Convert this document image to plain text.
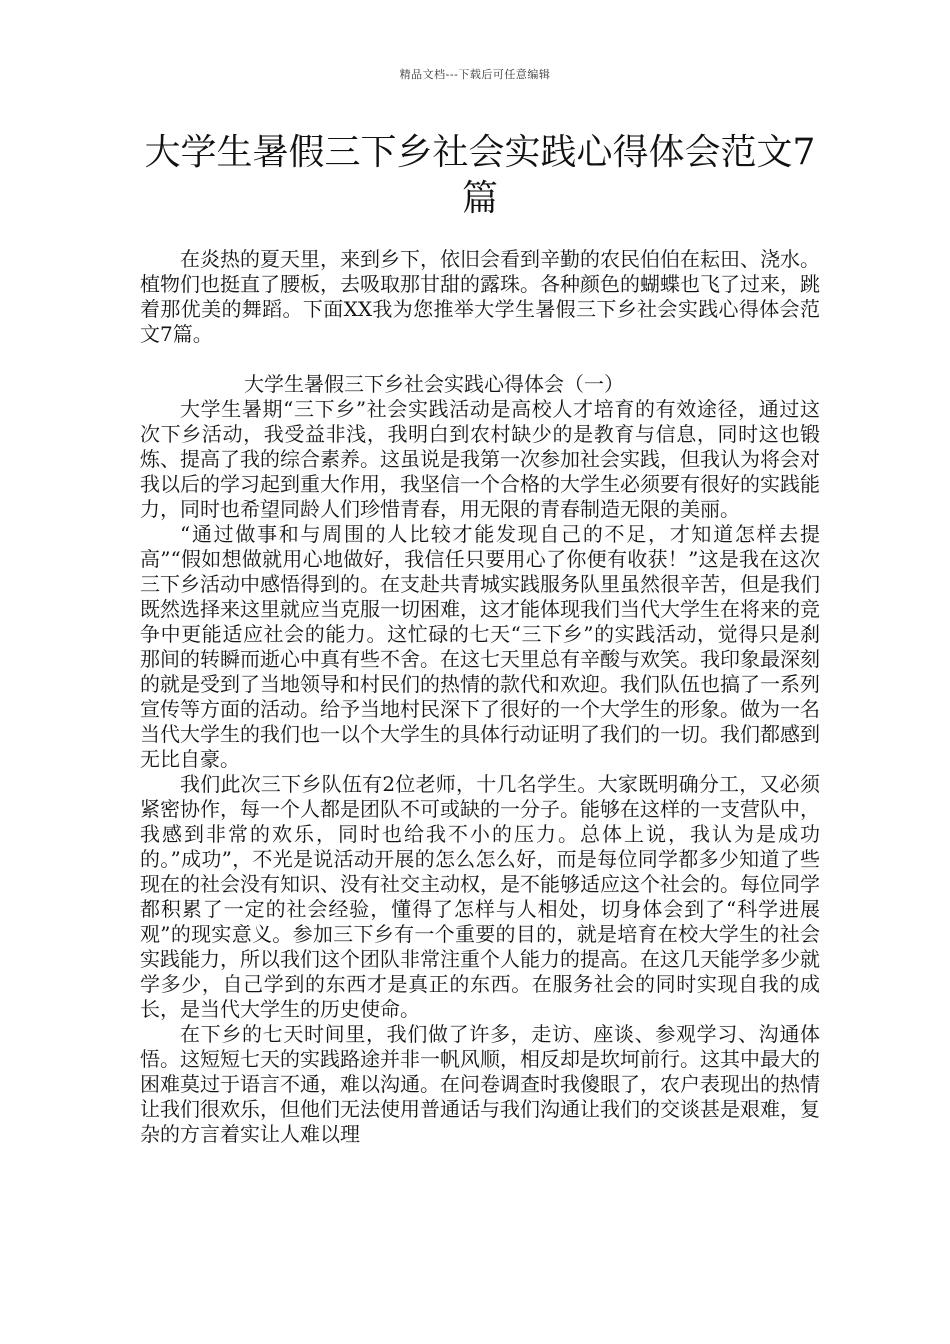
精品文档---下载后可任意编辑
大学生暑假三下乡社会实践心得体会范文7篇

在炎热的夏天里，来到乡下，依旧会看到辛勤的农民伯伯在耘田、浇水。植物们也挺直了腰板，去吸取那甘甜的露珠。各种颜色的蝴蝶也飞了过来，跳着那优美的舞蹈。下面XX我为您推举大学生暑假三下乡社会实践心得体会范文7篇。

大学生暑假三下乡社会实践心得体会（一）

大学生暑期“三下乡”社会实践活动是高校人才培育的有效途径，通过这次下乡活动，我受益非浅，我明白到农村缺少的是教育与信息，同时这也锻炼、提高了我的综合素养。这虽说是我第一次参加社会实践，但我认为将会对我以后的学习起到重大作用，我坚信一个合格的大学生必须要有很好的实践能力，同时也希望同龄人们珍惜青春，用无限的青春制造无限的美丽。

“通过做事和与周围的人比较才能发现自己的不足，才知道怎样去提高”“假如想做就用心地做好，我信任只要用心了你便有收获！”这是我在这次三下乡活动中感悟得到的。在支赴共青城实践服务队里虽然很辛苦，但是我们既然选择来这里就应当克服一切困难，这才能体现我们当代大学生在将来的竞争中更能适应社会的能力。这忙碌的七天“三下乡”的实践活动，觉得只是刹那间的转瞬而逝心中真有些不舍。在这七天里总有辛酸与欢笑。我印象最深刻的就是受到了当地领导和村民们的热情的款代和欢迎。我们队伍也搞了一系列宣传等方面的活动。给予当地村民深下了很好的一个大学生的形象。做为一名当代大学生的我们也一以个大学生的具体行动证明了我们的一切。我们都感到无比自豪。

我们此次三下乡队伍有2位老师，十几名学生。大家既明确分工，又必须紧密协作，每一个人都是团队不可或缺的一分子。能够在这样的一支营队中，我感到非常的欢乐，同时也给我不小的压力。总体上说，我认为是成功的。”成功”，不光是说活动开展的怎么怎么好，而是每位同学都多少知道了些现在的社会没有知识、没有社交主动权，是不能够适应这个社会的。每位同学都积累了一定的社会经验，懂得了怎样与人相处，切身体会到了“科学进展观”的现实意义。参加三下乡有一个重要的目的，就是培育在校大学生的社会实践能力，所以我们这个团队非常注重个人能力的提高。在这几天能学多少就学多少，自己学到的东西才是真正的东西。在服务社会的同时实现自我的成长，是当代大学生的历史使命。

在下乡的七天时间里，我们做了许多，走访、座谈、参观学习、沟通体悟。这短短七天的实践路途并非一帆风顺，相反却是坎坷前行。这其中最大的困难莫过于语言不通，难以沟通。在问卷调查时我傻眼了，农户表现出的热情让我们很欢乐，但他们无法使用普通话与我们沟通让我们的交谈甚是艰难，复杂的方言着实让人难以理
